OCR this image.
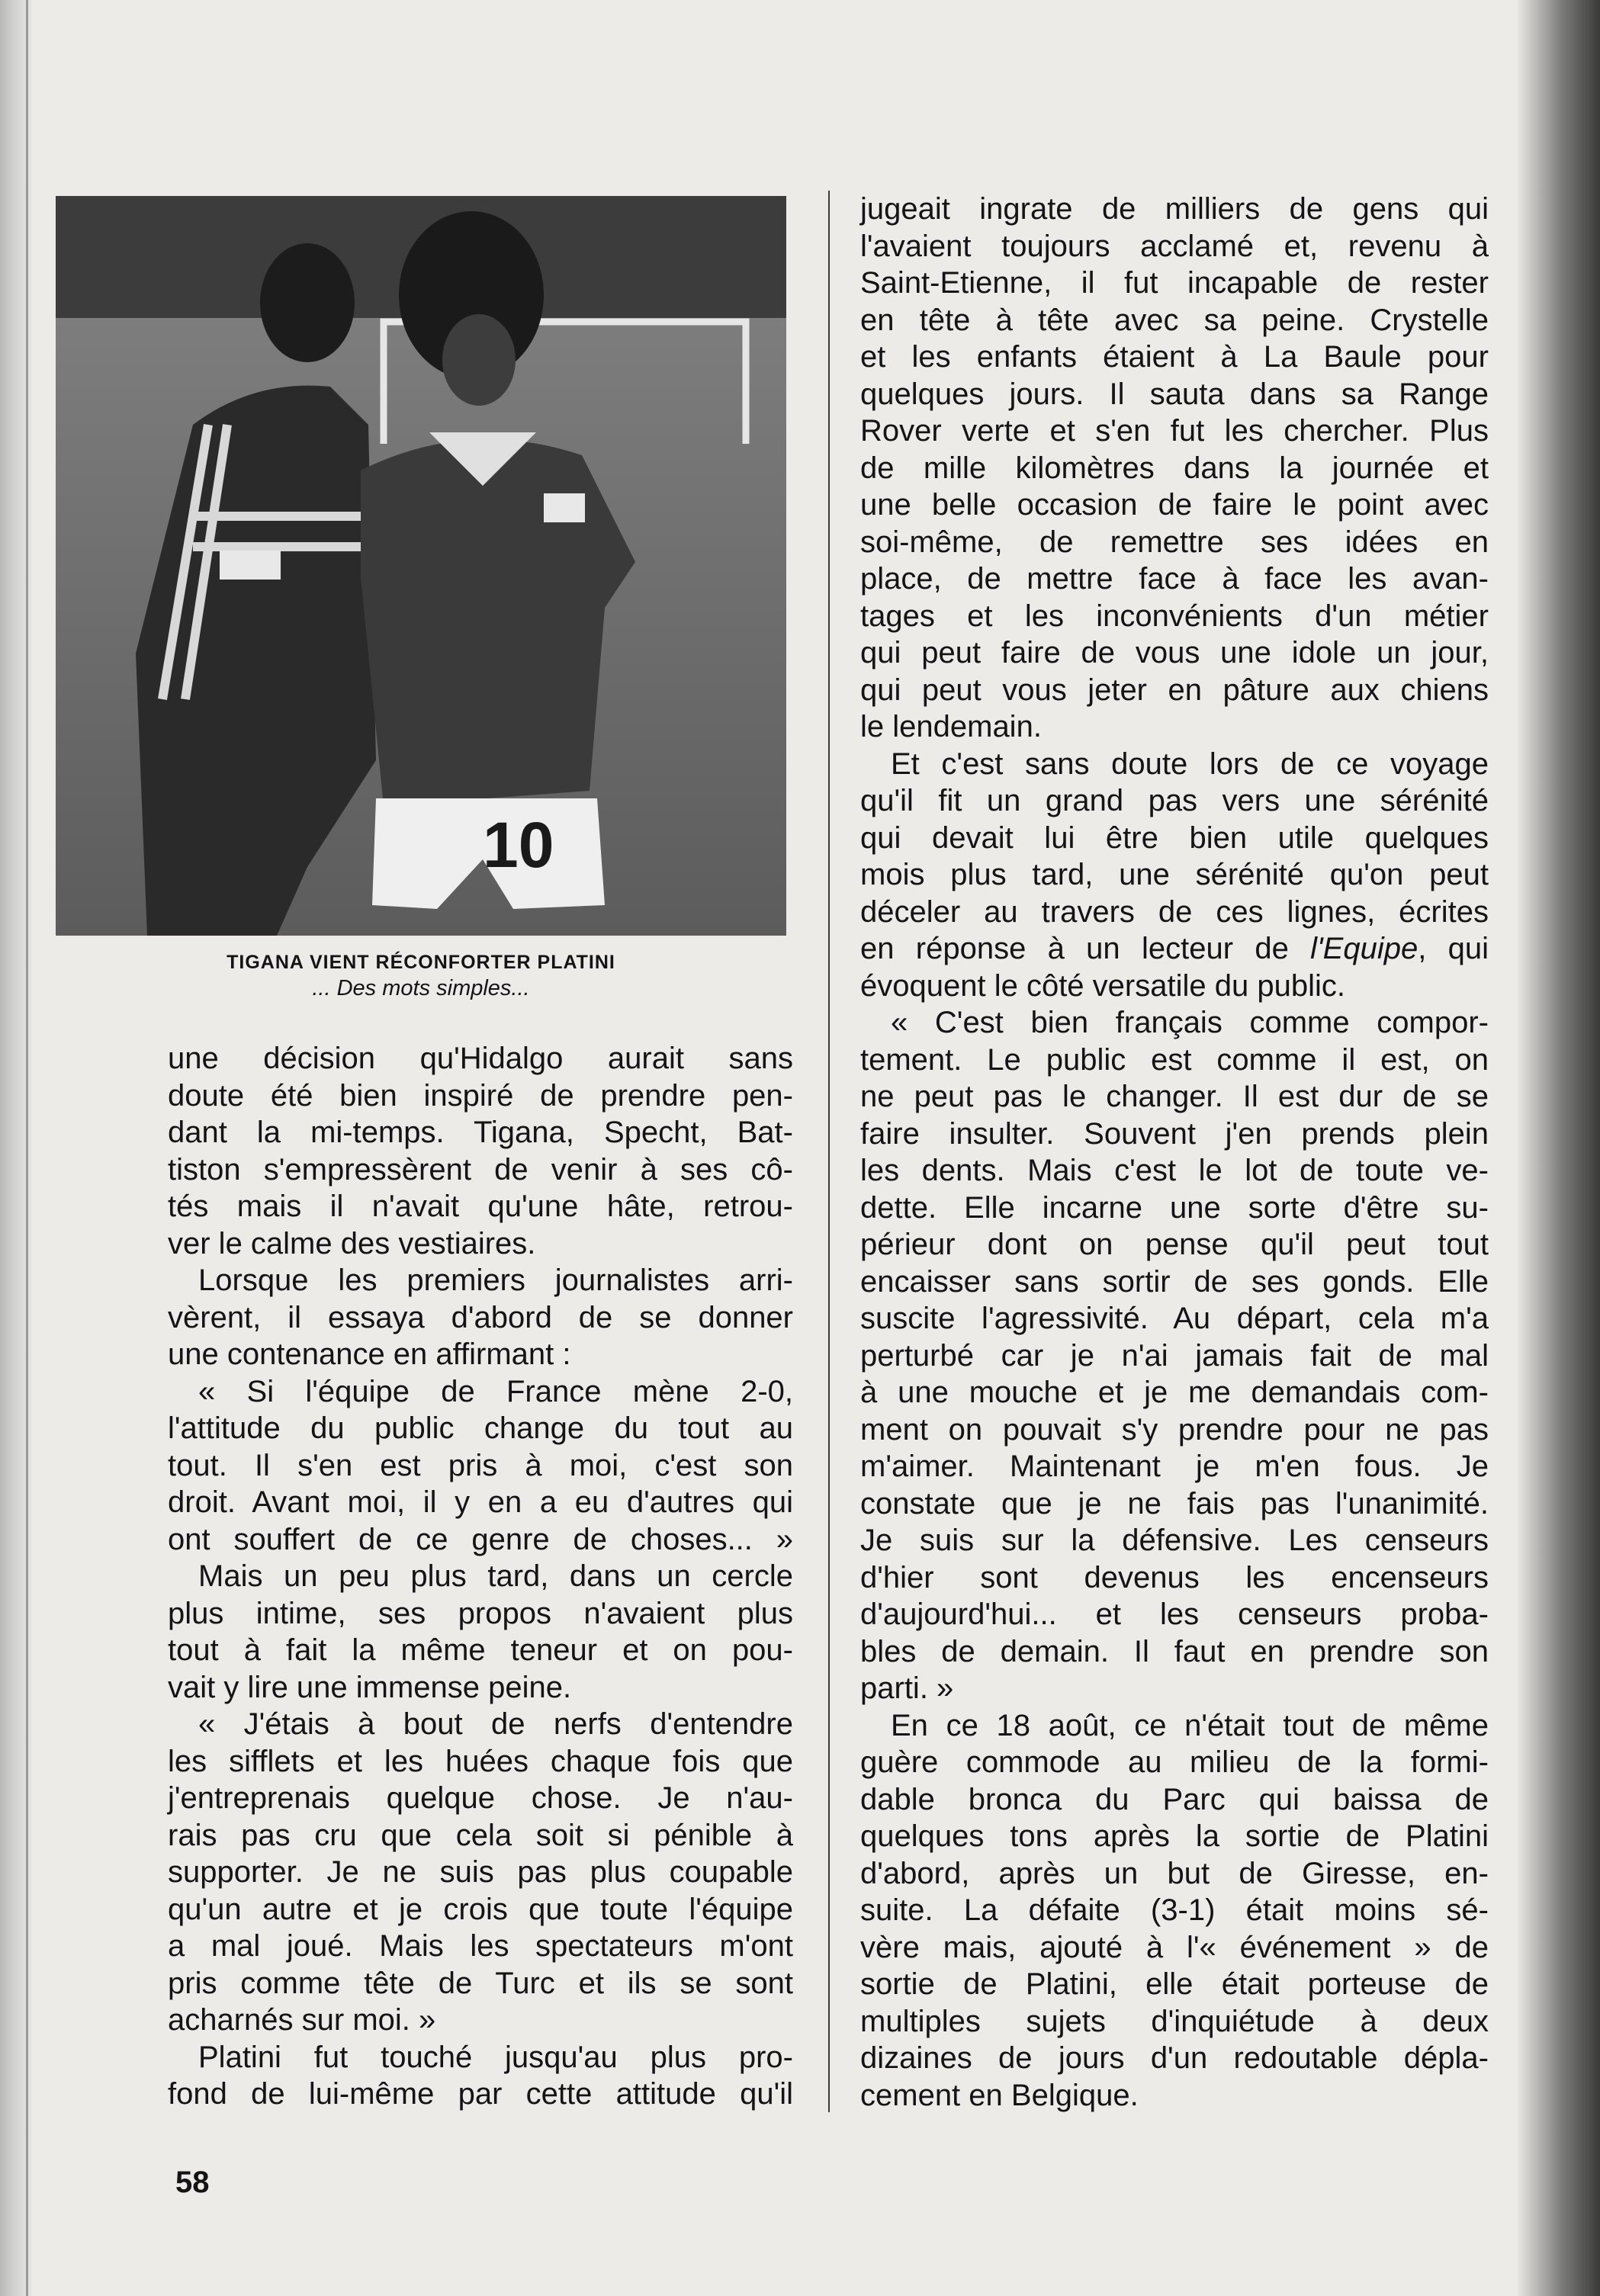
10
TIGANA VIENT RÉCONFORTER PLATINI
... Des mots simples...
une décision qu'Hidalgo aurait sans
doute été bien inspiré de prendre pen-
dant la mi-temps. Tigana, Specht, Bat-
tiston s'empressèrent de venir à ses cô-
tés mais il n'avait qu'une hâte, retrou-
ver le calme des vestiaires.
Lorsque les premiers journalistes arri-
vèrent, il essaya d'abord de se donner
une contenance en affirmant :
« Si l'équipe de France mène 2-0,
l'attitude du public change du tout au
tout. Il s'en est pris à moi, c'est son
droit. Avant moi, il y en a eu d'autres qui
ont souffert de ce genre de choses... »
Mais un peu plus tard, dans un cercle
plus intime, ses propos n'avaient plus
tout à fait la même teneur et on pou-
vait y lire une immense peine.
« J'étais à bout de nerfs d'entendre
les sifflets et les huées chaque fois que
j'entreprenais quelque chose. Je n'au-
rais pas cru que cela soit si pénible à
supporter. Je ne suis pas plus coupable
qu'un autre et je crois que toute l'équipe
a mal joué. Mais les spectateurs m'ont
pris comme tête de Turc et ils se sont
acharnés sur moi. »
Platini fut touché jusqu'au plus pro-
fond de lui-même par cette attitude qu'il
jugeait ingrate de milliers de gens qui
l'avaient toujours acclamé et, revenu à
Saint-Etienne, il fut incapable de rester
en tête à tête avec sa peine. Crystelle
et les enfants étaient à La Baule pour
quelques jours. Il sauta dans sa Range
Rover verte et s'en fut les chercher. Plus
de mille kilomètres dans la journée et
une belle occasion de faire le point avec
soi-même, de remettre ses idées en
place, de mettre face à face les avan-
tages et les inconvénients d'un métier
qui peut faire de vous une idole un jour,
qui peut vous jeter en pâture aux chiens
le lendemain.
Et c'est sans doute lors de ce voyage
qu'il fit un grand pas vers une sérénité
qui devait lui être bien utile quelques
mois plus tard, une sérénité qu'on peut
déceler au travers de ces lignes, écrites
en réponse à un lecteur de l'Equipe, qui
évoquent le côté versatile du public.
« C'est bien français comme compor-
tement. Le public est comme il est, on
ne peut pas le changer. Il est dur de se
faire insulter. Souvent j'en prends plein
les dents. Mais c'est le lot de toute ve-
dette. Elle incarne une sorte d'être su-
périeur dont on pense qu'il peut tout
encaisser sans sortir de ses gonds. Elle
suscite l'agressivité. Au départ, cela m'a
perturbé car je n'ai jamais fait de mal
à une mouche et je me demandais com-
ment on pouvait s'y prendre pour ne pas
m'aimer. Maintenant je m'en fous. Je
constate que je ne fais pas l'unanimité.
Je suis sur la défensive. Les censeurs
d'hier sont devenus les encenseurs
d'aujourd'hui... et les censeurs proba-
bles de demain. Il faut en prendre son
parti. »
En ce 18 août, ce n'était tout de même
guère commode au milieu de la formi-
dable bronca du Parc qui baissa de
quelques tons après la sortie de Platini
d'abord, après un but de Giresse, en-
suite. La défaite (3-1) était moins sé-
vère mais, ajouté à l'« événement » de
sortie de Platini, elle était porteuse de
multiples sujets d'inquiétude à deux
dizaines de jours d'un redoutable dépla-
cement en Belgique.
58
